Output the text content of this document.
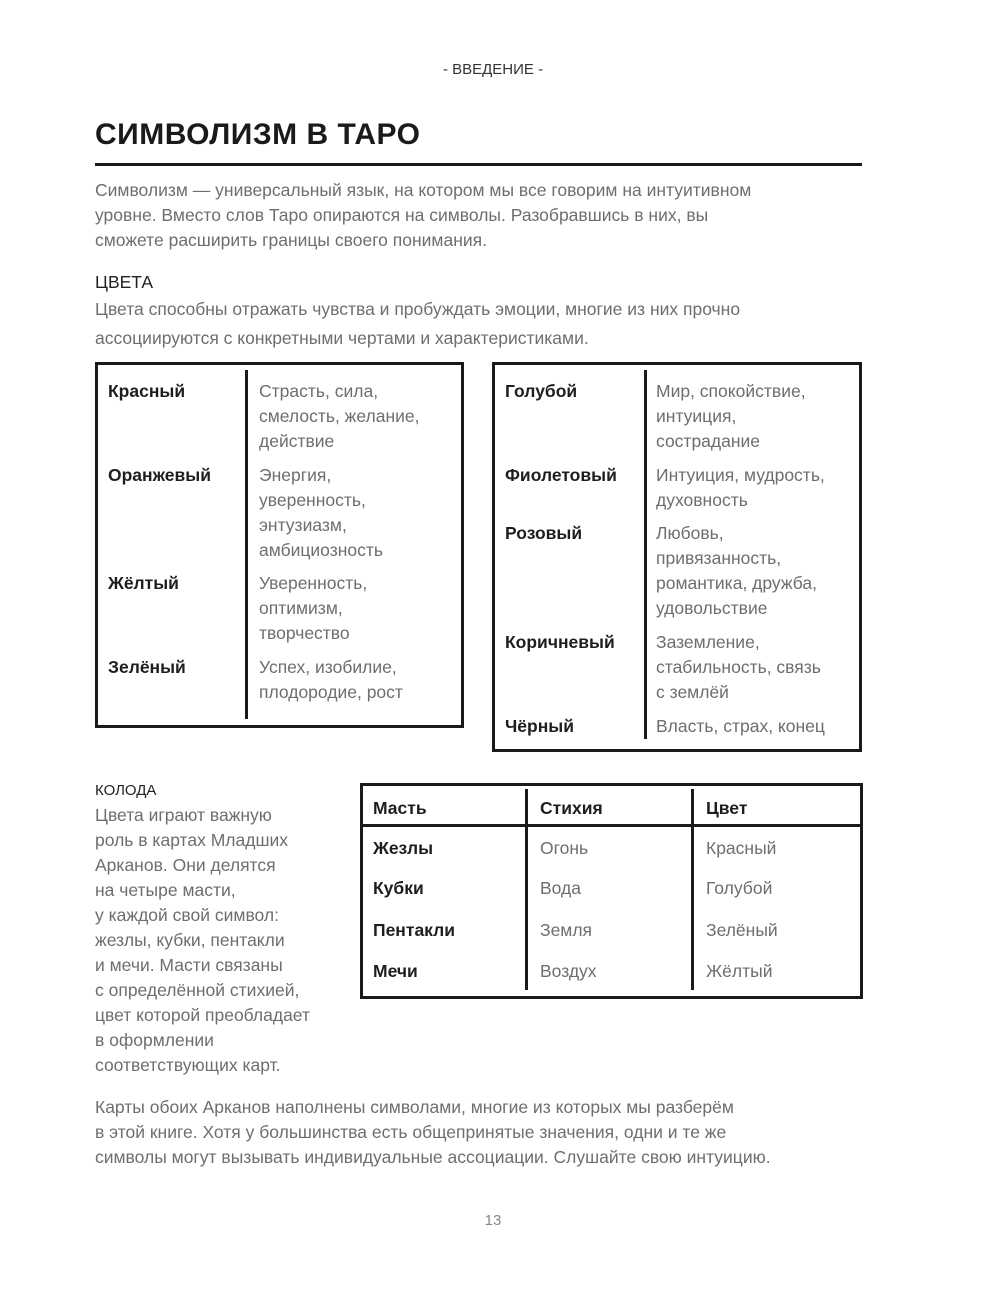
- ВВЕДЕНИЕ -
СИМВОЛИЗМ В ТАРО
Символизм — универсальный язык, на котором мы все говорим на интуитивном
уровне. Вместо слов Таро опираются на символы. Разобравшись в них, вы
сможете расширить границы своего понимания.
ЦВЕТА
Цвета способны отражать чувства и пробуждать эмоции, многие из них прочно
ассоциируются с конкретными чертами и характеристиками.
Красный	Страсть, сила,
смелость, желание,
действие
Оранжевый	Энергия,
уверенность,
энтузиазм,
амбициозность
Жёлтый	Уверенность,
оптимизм,
творчество
Зелёный	Успех, изобилие,
плодородие, рост
Голубой	Мир, спокойствие,
интуиция,
сострадание
Фиолетовый Интуиция, мудрость,
духовность
Розовый	Любовь,
привязанность,
романтика, дружба,
удовольствие
Коричневый Заземление,
стабильность, связь
с землёй
Чёрный	Власть, страх, конец
КОЛОДА
Цвета играют важную
роль в картах Младших
Арканов. Они делятся
на четыре масти,
у каждой свой символ:
жезлы, кубки, пентакли
и мечи. Масти связаны
с определённой стихией,
цвет которой преобладает
в оформлении
соответствующих карт.
Масть	Стихия	Цвет
Жезлы	Огонь	Красный
Кубки	Вода	Голубой
Пентакли	Земля	Зелёный
Мечи	Воздух	Жёлтый
Карты обоих Арканов наполнены символами, многие из которых мы разберём
в этой книге. Хотя у большинства есть общепринятые значения, одни и те же
символы могут вызывать индивидуальные ассоциации. Слушайте свою интуицию.
13
